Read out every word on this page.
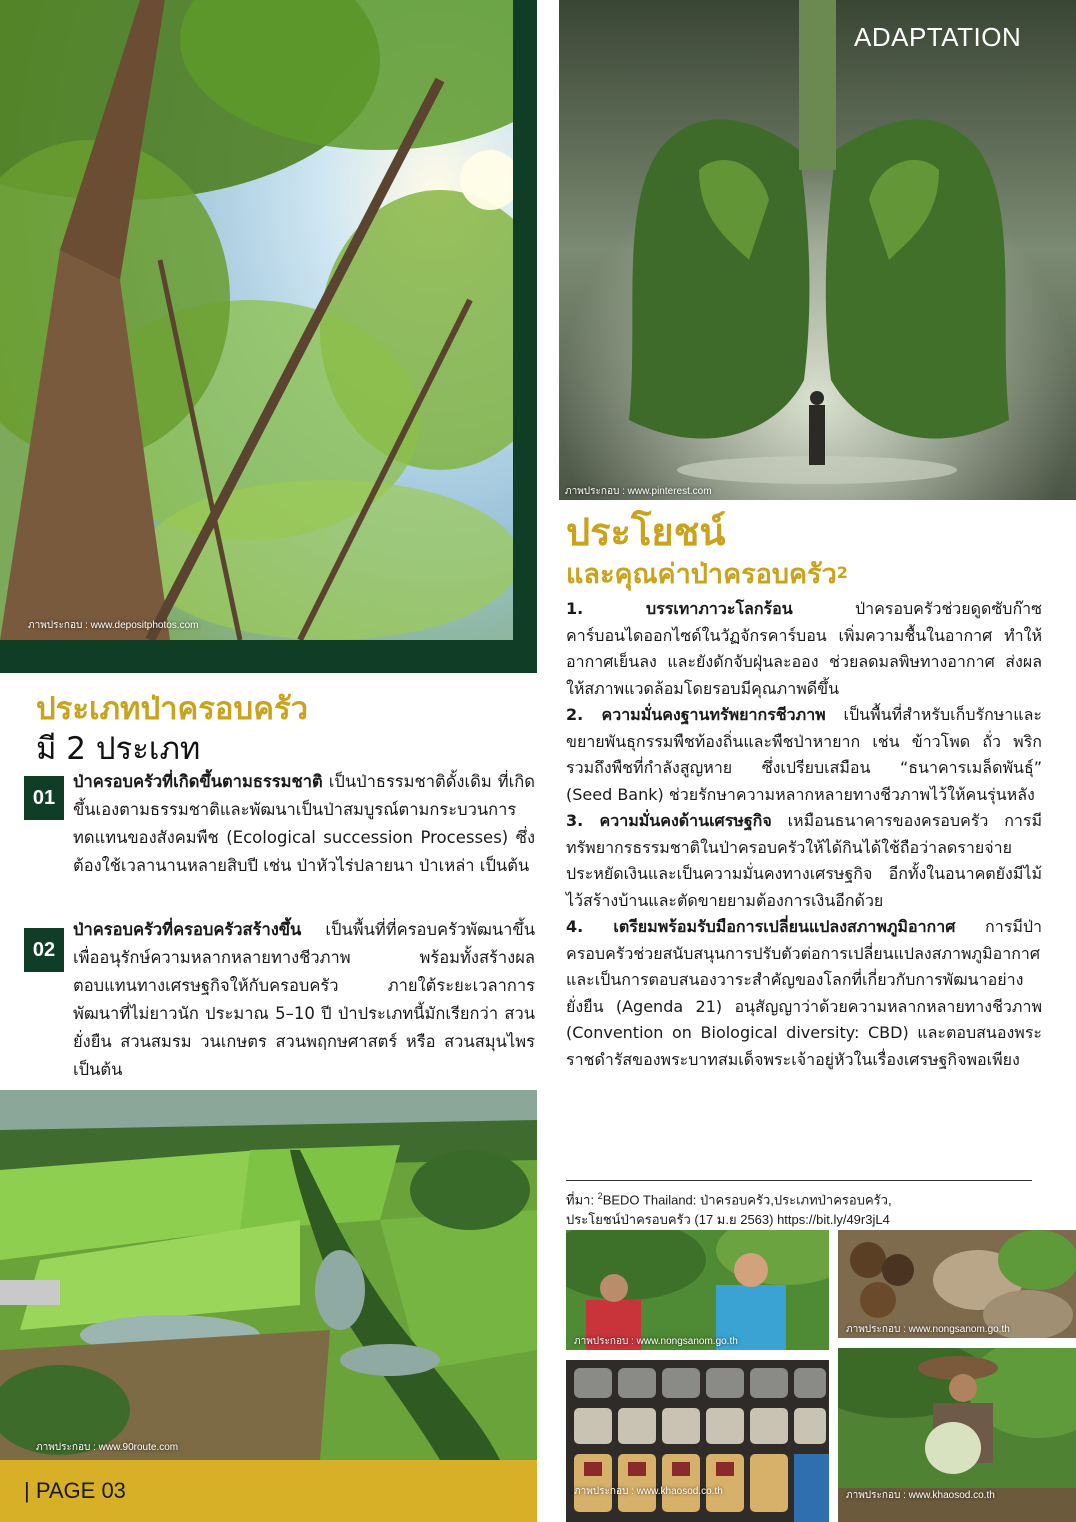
ภาพประกอบ : www.depositphotos.com
ประเภทป่าครอบครัว
มี 2 ประเภท
01
ป่าครอบครัวที่เกิดขึ้นตามธรรมชาติ เป็นป่าธรรมชาติดั้งเดิม ที่เกิดขึ้นเองตามธรรมชาติและพัฒนาเป็นป่าสมบูรณ์ตามกระบวนการทดแทนของสังคมพืช (Ecological succession Processes) ซึ่งต้องใช้เวลานานหลายสิบปี เช่น ป่าหัวไร่ปลายนา ป่าเหล่า เป็นต้น
02
ป่าครอบครัวที่ครอบครัวสร้างขึ้น เป็นพื้นที่ที่ครอบครัวพัฒนาขึ้นเพื่ออนุรักษ์ความหลากหลายทางชีวภาพ พร้อมทั้งสร้างผลตอบแทนทางเศรษฐกิจให้กับครอบครัว ภายใต้ระยะเวลาการพัฒนาที่ไม่ยาวนัก ประมาณ 5–10 ปี ป่าประเภทนี้มักเรียกว่า สวนยั่งยืน สวนสมรม วนเกษตร สวนพฤกษศาสตร์ หรือ สวนสมุนไพร เป็นต้น
ภาพประกอบ : www.90route.com
| PAGE 03
ภาพประกอบ : www.pinterest.com
ADAPTATION
ประโยชน์
และคุณค่าป่าครอบครัว$^2$

1. บรรเทาภาวะโลกร้อน ป่าครอบครัวช่วยดูดซับก๊าซคาร์บอนไดออกไซด์ในวัฏจักรคาร์บอน เพิ่มความชื้นในอากาศ ทำให้อากาศเย็นลง และยังดักจับฝุ่นละออง ช่วยลดมลพิษทางอากาศ ส่งผลให้สภาพแวดล้อมโดยรอบมีคุณภาพดีขึ้น

2. ความมั่นคงฐานทรัพยากรชีวภาพ เป็นพื้นที่สำหรับเก็บรักษาและขยายพันธุกรรมพืชท้องถิ่นและพืชป่าหายาก เช่น ข้าวโพด ถั่ว พริก รวมถึงพืชที่กำลังสูญหาย ซึ่งเปรียบเสมือน “ธนาคารเมล็ดพันธุ์” (Seed Bank) ช่วยรักษาความหลากหลายทางชีวภาพไว้ให้คนรุ่นหลัง

3. ความมั่นคงด้านเศรษฐกิจ เหมือนธนาคารของครอบครัว การมีทรัพยากรธรรมชาติในป่าครอบครัวให้ได้กินได้ใช้ถือว่าลดรายจ่าย ประหยัดเงินและเป็นความมั่นคงทางเศรษฐกิจ อีกทั้งในอนาคตยังมีไม้ไว้สร้างบ้านและตัดขายยามต้องการเงินอีกด้วย

4. เตรียมพร้อมรับมือการเปลี่ยนแปลงสภาพภูมิอากาศ การมีป่าครอบครัวช่วยสนับสนุนการปรับตัวต่อการเปลี่ยนแปลงสภาพภูมิอากาศ และเป็นการตอบสนองวาระสำคัญของโลกที่เกี่ยวกับการพัฒนาอย่างยั่งยืน (Agenda 21) อนุสัญญาว่าด้วยความหลากหลายทางชีวภาพ (Convention on Biological diversity: CBD) และตอบสนองพระราชดำรัสของพระบาทสมเด็จพระเจ้าอยู่หัวในเรื่องเศรษฐกิจพอเพียง

ที่มา: $^2$BEDO Thailand: ป่าครอบครัว,ประเภทป่าครอบครัว,
ประโยชน์ป่าครอบครัว (17 ม.ย 2563) https://bit.ly/49r3jL4
ภาพประกอบ : www.nongsanom.go.th
ภาพประกอบ : www.nongsanom.go.th
ภาพประกอบ : www.khaosod.co.th	ภาพประกอบ : www.khaosod.co.th
